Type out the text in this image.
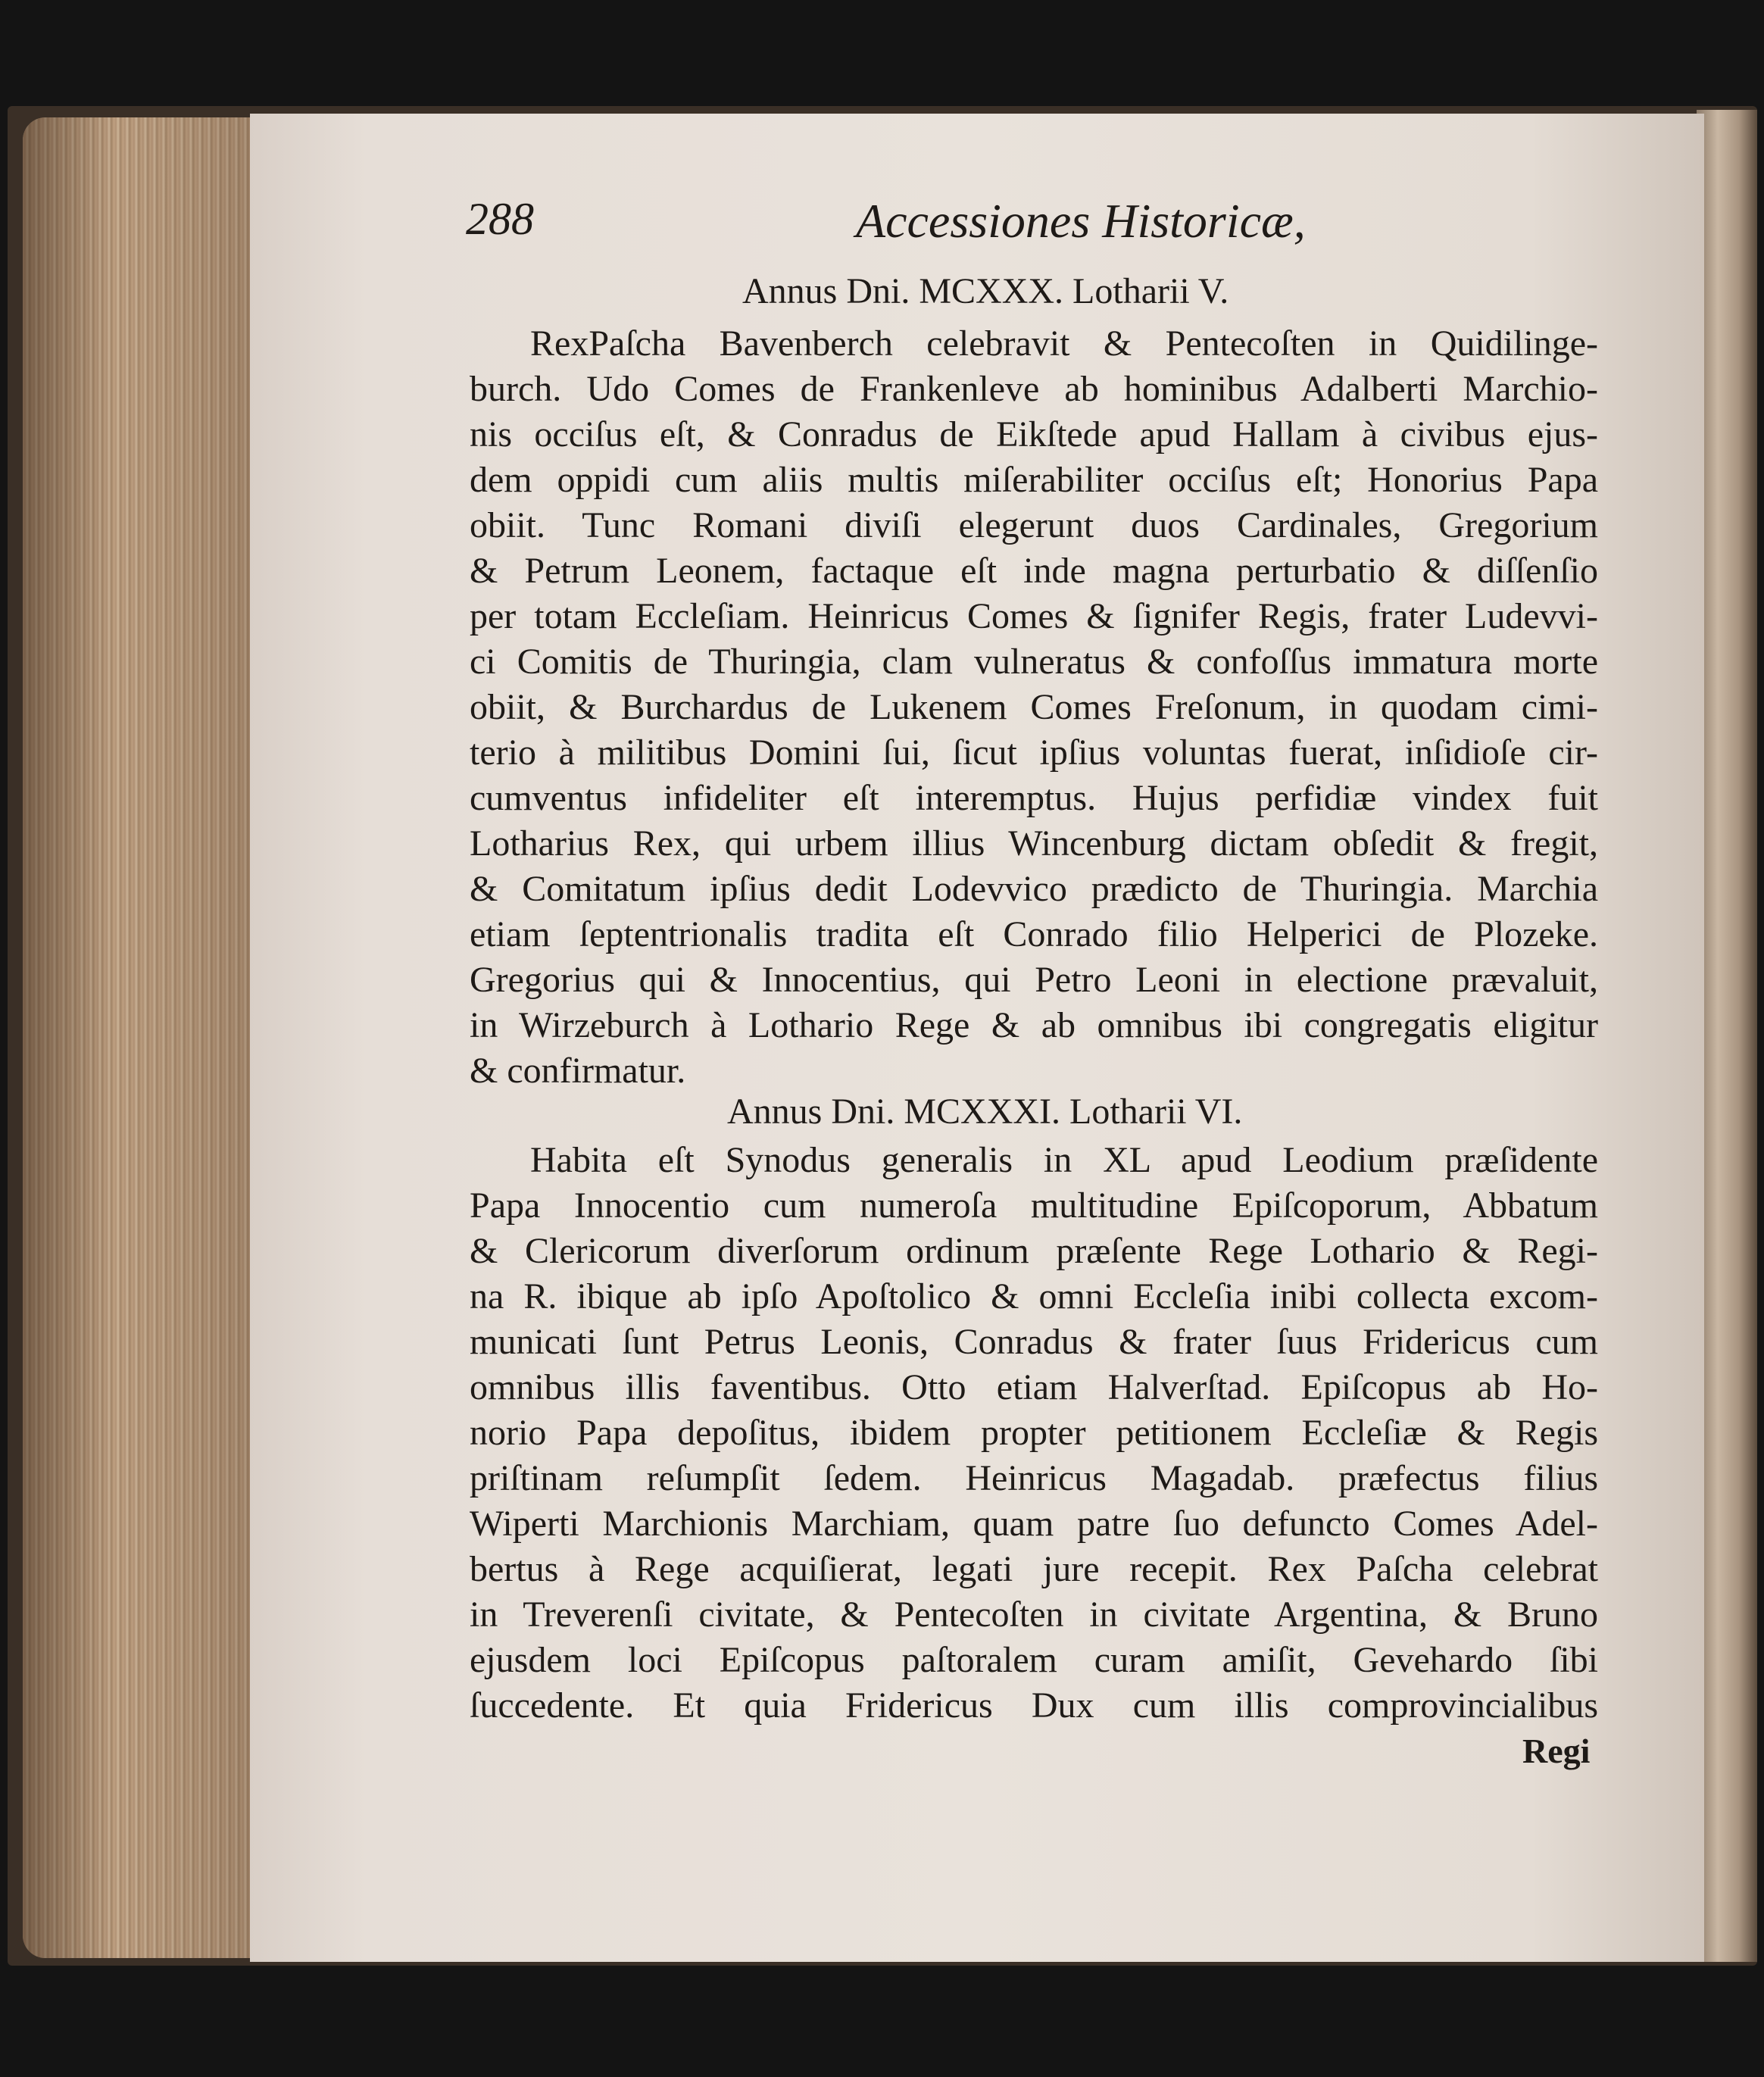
288	Accessiones Historicæ,
Annus Dni. MCXXX. Lotharii V.
RexPaſcha Bavenberch celebravit & Pentecoſten in Quidilinge-
burch. Udo Comes de Frankenleve ab hominibus Adalberti Marchio-
nis occiſus eſt, & Conradus de Eikſtede apud Hallam à civibus ejus-
dem oppidi cum aliis multis miſerabiliter occiſus eſt; Honorius Papa
obiit. Tunc Romani diviſi elegerunt duos Cardinales, Gregorium
& Petrum Leonem, factaque eſt inde magna perturbatio & diſſenſio
per totam Eccleſiam. Heinricus Comes & ſignifer Regis, frater Ludevvi-
ci Comitis de Thuringia, clam vulneratus & confoſſus immatura morte
obiit, & Burchardus de Lukenem Comes Freſonum, in quodam cimi-
terio à militibus Domini ſui, ſicut ipſius voluntas fuerat, inſidioſe cir-
cumventus infideliter eſt interemptus. Hujus perfidiæ vindex fuit
Lotharius Rex, qui urbem illius Wincenburg dictam obſedit & fregit,
& Comitatum ipſius dedit Lodevvico prædicto de Thuringia. Marchia
etiam ſeptentrionalis tradita eſt Conrado filio Helperici de Plozeke.
Gregorius qui & Innocentius, qui Petro Leoni in electione prævaluit,
in Wirzeburch à Lothario Rege & ab omnibus ibi congregatis eligitur
& confirmatur.
Annus Dni. MCXXXI. Lotharii VI.
Habita eſt Synodus generalis in XL apud Leodium præſidente
Papa Innocentio cum numeroſa multitudine Epiſcoporum, Abbatum
& Clericorum diverſorum ordinum præſente Rege Lothario & Regi-
na R. ibique ab ipſo Apoſtolico & omni Eccleſia inibi collecta excom-
municati ſunt Petrus Leonis, Conradus & frater ſuus Fridericus cum
omnibus illis faventibus. Otto etiam Halverſtad. Epiſcopus ab Ho-
norio Papa depoſitus, ibidem propter petitionem Eccleſiæ & Regis
priſtinam reſumpſit ſedem. Heinricus Magadab. præfectus filius
Wiperti Marchionis Marchiam, quam patre ſuo defuncto Comes Adel-
bertus à Rege acquiſierat, legati jure recepit. Rex Paſcha celebrat
in Treverenſi civitate, & Pentecoſten in civitate Argentina, & Bruno
ejusdem loci Epiſcopus paſtoralem curam amiſit, Gevehardo ſibi
ſuccedente. Et quia Fridericus Dux cum illis comprovincialibus
Regi
